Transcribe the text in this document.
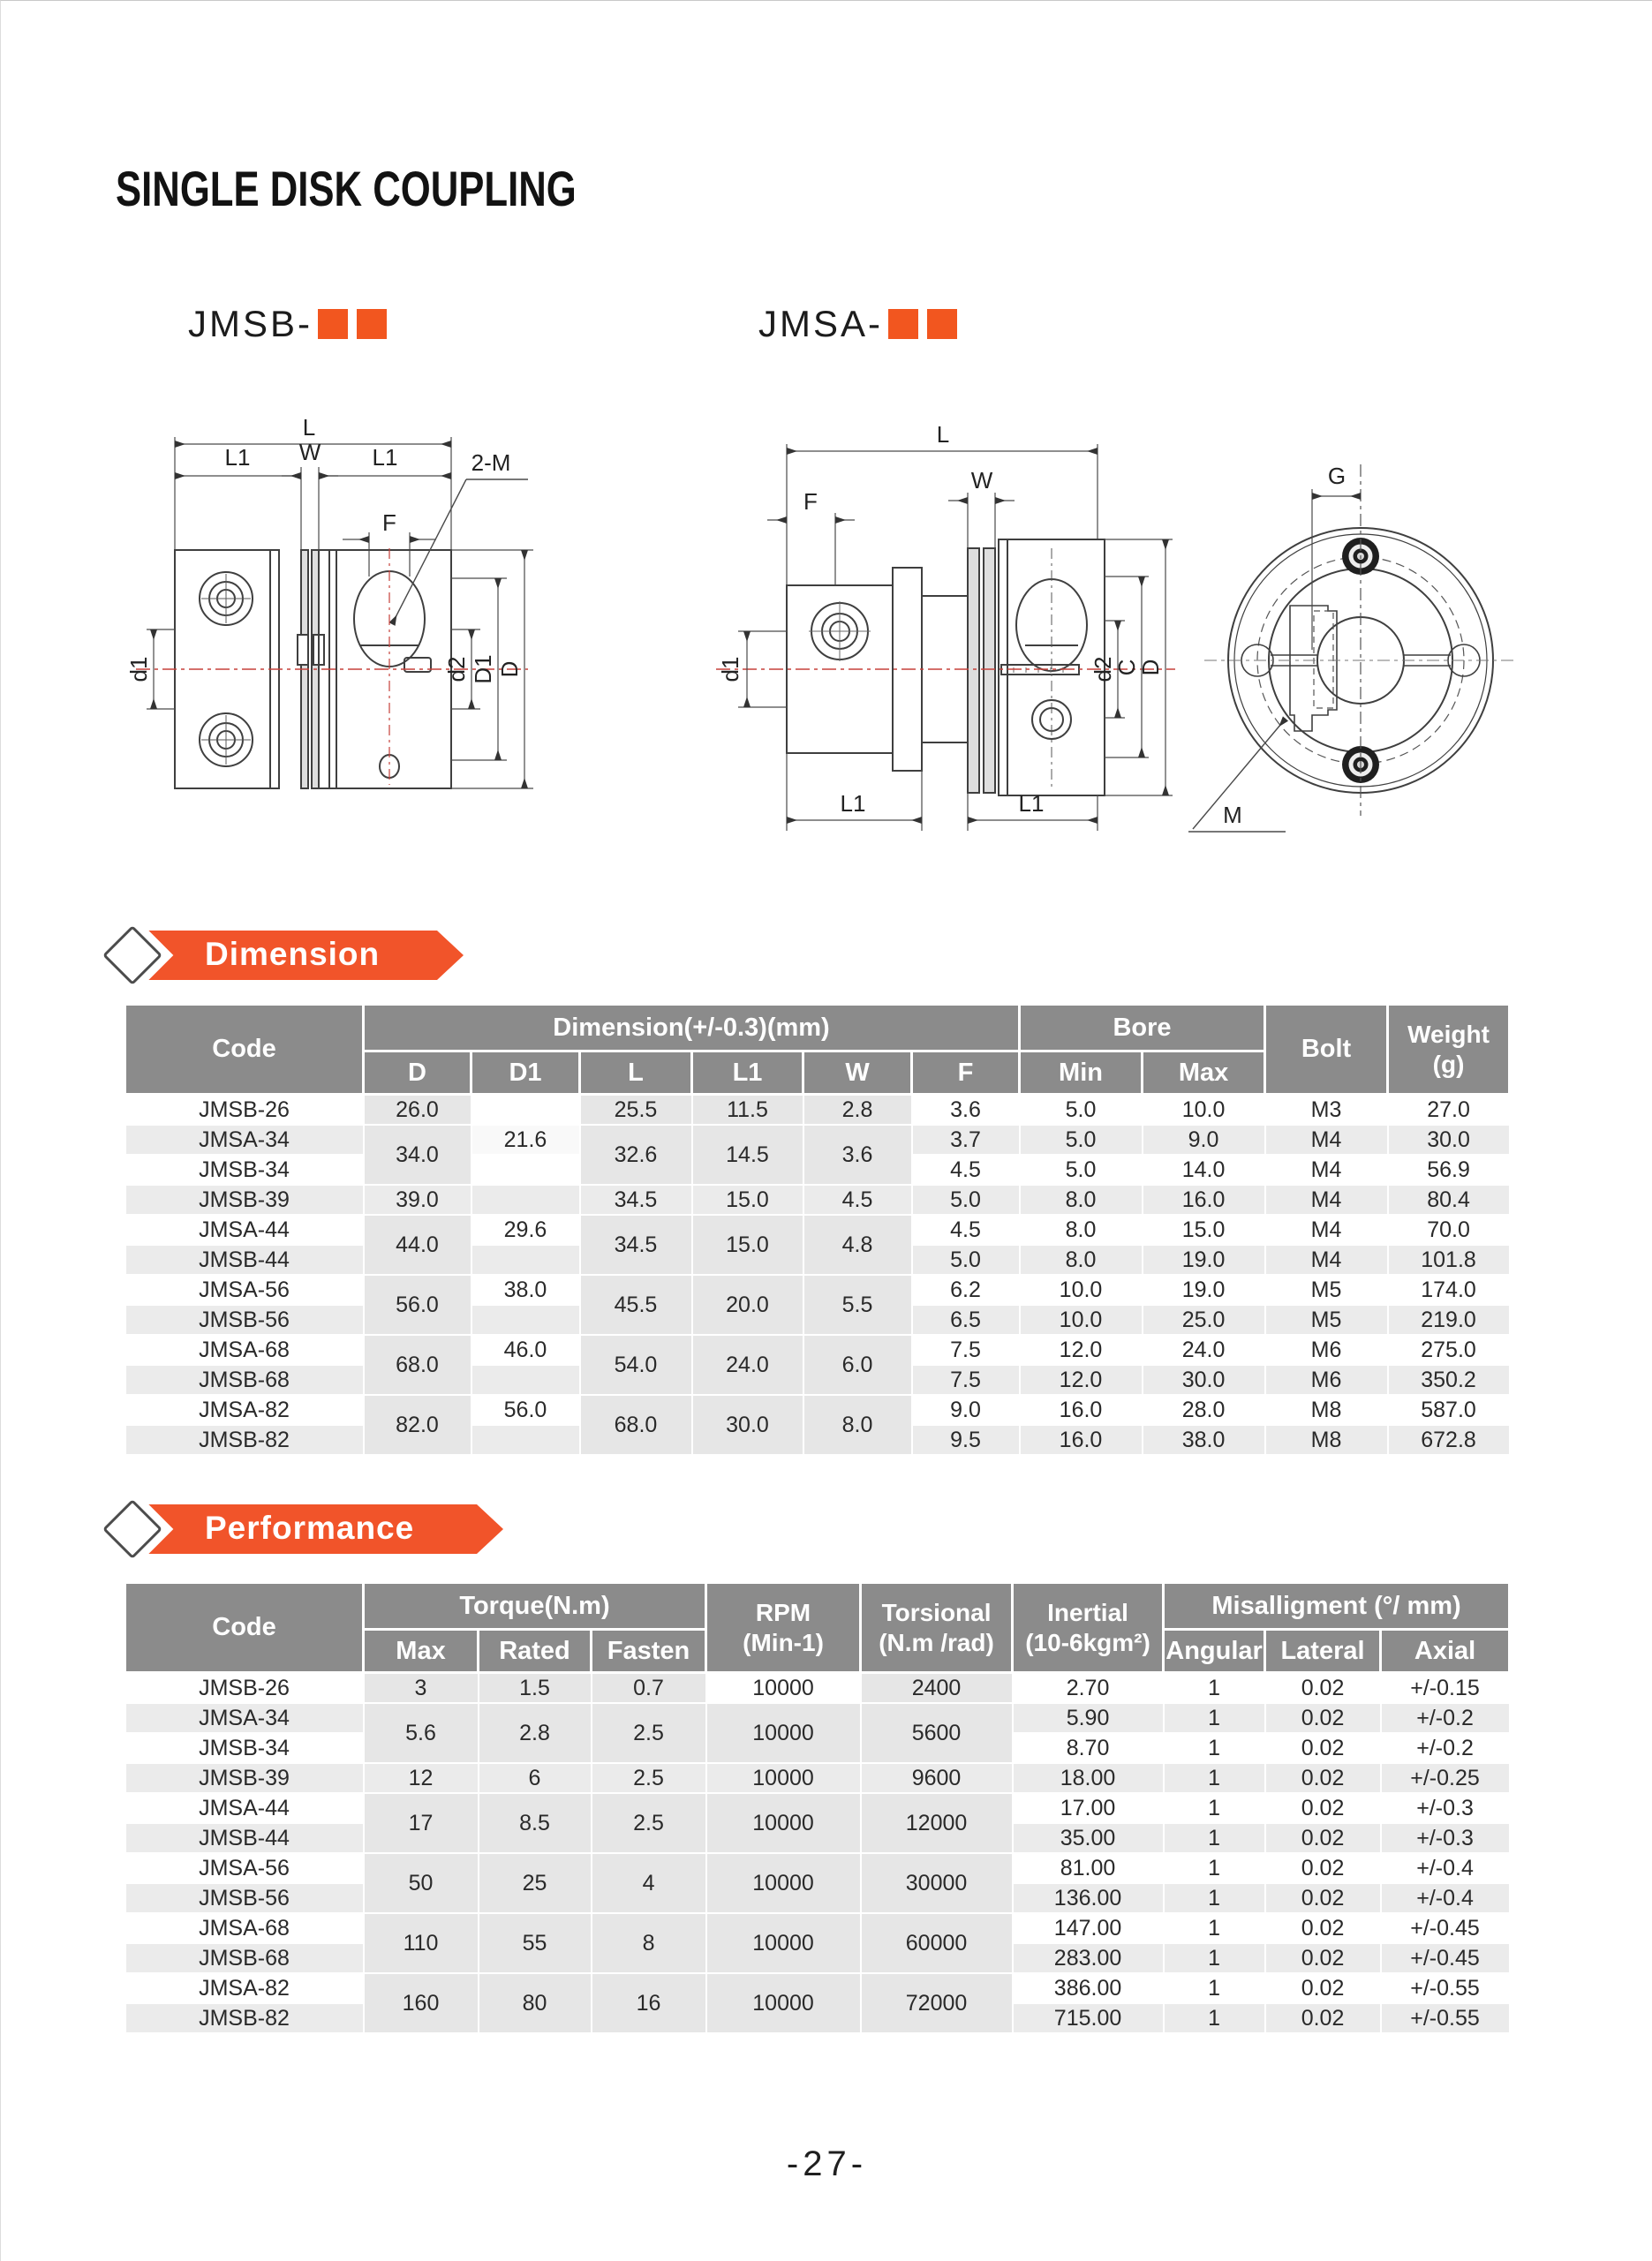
SINGLE DISK COUPLING
JMSB-	JMSA-
L
L1 W L1	2-M
F
d1	d2 D1 D
L
W
F
d1	d2
C
D
L1	L1
G
M
Dimension
Code	Dimension(+/-0.3)(mm)						Bore		Bolt	Weight
(g)

	D	D1	L	L1	W	F	Min	Max		
JMSB-26	26.0		25.5	11.5	2.8	3.6	5.0	10.0	M3	27.0
JMSA-34	34.0	21.6	32.6	14.5	3.6	3.7	5.0	9.0	M4	30.0
JMSB-34						4.5	5.0	14.0	M4	56.9
JMSB-39	39.0		34.5	15.0	4.5	5.0	8.0	16.0	M4	80.4
JMSA-44	44.0	29.6	34.5	15.0	4.8	4.5	8.0	15.0	M4	70.0
JMSB-44						5.0	8.0	19.0	M4	101.8
JMSA-56	56.0	38.0	45.5	20.0	5.5	6.2	10.0	19.0	M5	174.0
JMSB-56						6.5	10.0	25.0	M5	219.0
JMSA-68	68.0	46.0	54.0	24.0	6.0	7.5	12.0	24.0	M6	275.0
JMSB-68						7.5	12.0	30.0	M6	350.2
JMSA-82	82.0	56.0	68.0	30.0	8.0	9.0	16.0	28.0	M8	587.0
JMSB-82						9.5	16.0	38.0	M8	672.8
Performance
Code	Torque(N.m)	RPM
(Min-1)

Torsional
(N.m /rad)

Inertial
(10-6kgm²)
	Misalligment (°/ mm)
	Max	Rated	Fasten				Angular	Lateral	Axial
JMSB-26	3	1.5	0.7	10000	2400	2.70	1	0.02	+/-0.15
JMSA-34	5.6	2.8	2.5	10000	5600	5.90	1	0.02	+/-0.2
JMSB-34						8.70	1	0.02	+/-0.2
JMSB-39	12	6	2.5	10000	9600	18.00	1	0.02	+/-0.25
JMSA-44	17	8.5	2.5	10000	12000	17.00	1	0.02	+/-0.3
JMSB-44						35.00	1	0.02	+/-0.3
JMSA-56	50	25	4	10000	30000	81.00	1	0.02	+/-0.4
JMSB-56						136.00	1	0.02	+/-0.4
JMSA-68	110	55	8	10000	60000	147.00	1	0.02	+/-0.45
JMSB-68						283.00	1	0.02	+/-0.45
JMSA-82	160	80	16	10000	72000	386.00	1	0.02	+/-0.55
JMSB-82						715.00	1	0.02	+/-0.55
-27-
